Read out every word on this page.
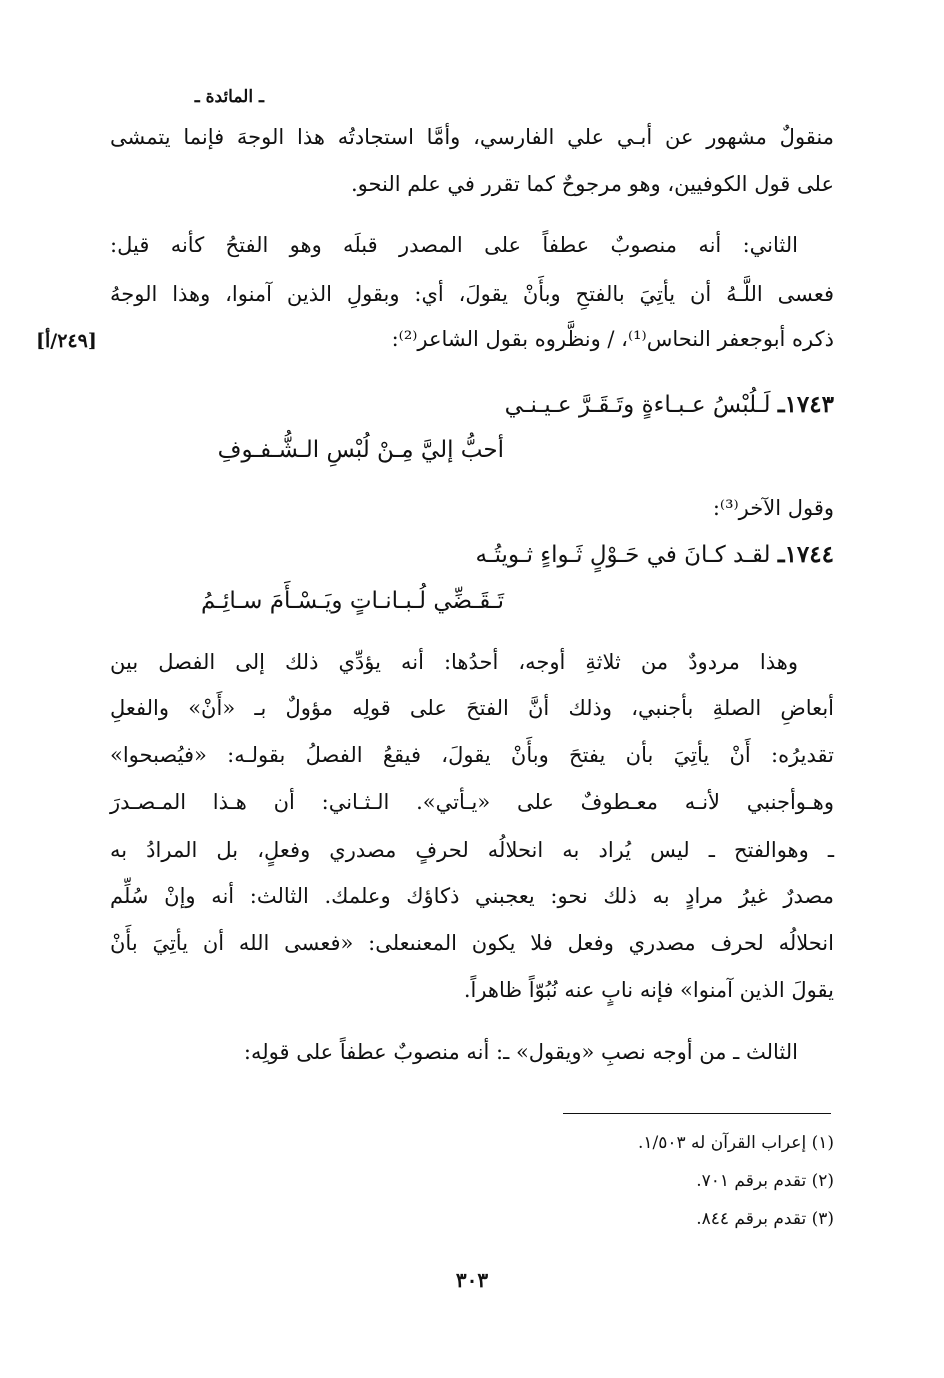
ـ المائدة ـ
منقولٌ مشهور عن أبـي علي الفارسي، وأمَّا استجادتُه هذا الوجهَ فإنما يتمشى
على قول الكوفيين، وهو مرجوحٌ كما تقرر في علم النحو.
الثاني: أنه منصوبٌ عطفاً على المصدر قبلَه وهو الفتحُ كأنه قيل:
فعسى اللَّـهُ أن يأتِيَ بالفتحِ وبأَنْ يقولَ، أي: وبقولِ الذين آمنوا، وهذا الوجهُ
ذكره أبوجعفر النحاس⁽¹⁾، / ونظَّروه بقول الشاعر⁽²⁾:
[٢٤٩/أ]
١٧٤٣ـ لَـلُبْسُ عـبـاءةٍ وتَـقَـرَّ عـيـنـي
أحبُّ إليَّ مِـنْ لُبْسِ الـشُّـفـوفِ
وقول الآخر⁽³⁾:
١٧٤٤ـ لقـد كـانَ في حَـوْلٍ ثَـواءٍ ثـويتُـه
تَـقَـضِّي لُـبـانـاتٍ ويَـسْـأَمَ سـائِـمُ
وهذا مردودٌ من ثلاثةِ أوجه، أحدُها: أنه يؤدِّي ذلك إلى الفصل بين
أبعاضِ الصلةِ بأجنبي، وذلك أنَّ الفتحَ على قولِه مؤولٌ بـ «أَنْ» والفعلِ
تقديرُه: أَنْ يأتِيَ بأن يفتحَ وبأَنْ يقولَ، فيقعُ الفصلُ بقولـه: «فيُصبحوا»
وهـوأجنبي لأنـه معـطوفٌ على «يـأتي». الـثـاني: أن هـذا المـصـدرَ
ـ وهوالفتح ـ ليس يُراد به انحلالُه لحرفٍ مصدري وفعلٍ، بل المرادُ به
مصدرٌ غيرُ مرادٍ به ذلك نحو: يعجبني ذكاؤك وعلمك. الثالث: أنه وإنْ سُلِّم
انحلالُه لحرف مصدري وفعل فلا يكون المعنىعلى: «فعسى الله أن يأتِيَ بأَنْ
يقولَ الذين آمنوا» فإنه نابٍ عنه نُبُوّاً ظاهراً.
الثالث ـ من أوجه نصبِ «ويقول» ـ: أنه منصوبٌ عطفاً على قولِه:
(١) إعراب القرآن له ١/٥٠٣.
(٢) تقدم برقم ٧٠١.
(٣) تقدم برقم ٨٤٤.
٣٠٣
